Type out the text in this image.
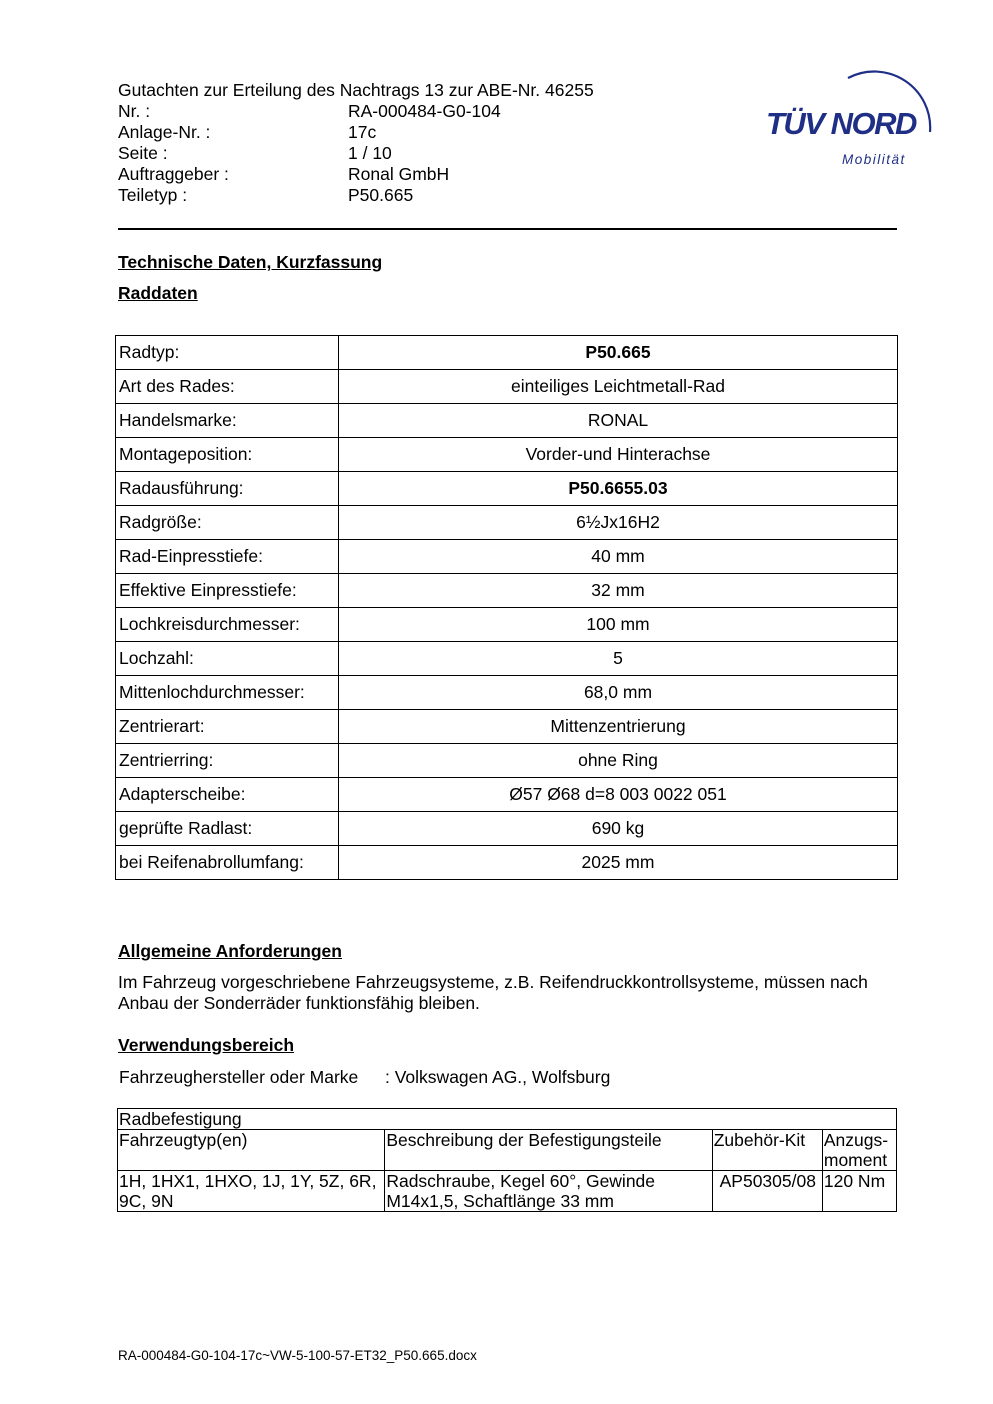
Gutachten zur Erteilung des Nachtrags 13 zur ABE-Nr. 46255
Nr. :	RA-000484-G0-104
Anlage-Nr. :	17c
Seite :	1 / 10
Auftraggeber :	Ronal GmbH
Teiletyp :	P50.665
TÜV NORD
Mobilität
Technische Daten, Kurzfassung
Raddaten
Radtyp:	P50.665
Art des Rades:	einteiliges Leichtmetall-Rad
Handelsmarke:	RONAL
Montageposition:	Vorder-und Hinterachse
Radausführung:	P50.6655.03
Radgröße:	6½Jx16H2
Rad-Einpresstiefe:	40 mm
Effektive Einpresstiefe:	32 mm
Lochkreisdurchmesser:	100 mm
Lochzahl:	5
Mittenlochdurchmesser:	68,0 mm
Zentrierart:	Mittenzentrierung
Zentrierring:	ohne Ring
Adapterscheibe:	Ø57 Ø68 d=8 003 0022 051
geprüfte Radlast:	690 kg
bei Reifenabrollumfang:	2025 mm
Allgemeine Anforderungen
Im Fahrzeug vorgeschriebene Fahrzeugsysteme, z.B. Reifendruckkontrollsysteme, müssen nach Anbau der Sonderräder funktionsfähig bleiben.
Verwendungsbereich
Fahrzeughersteller oder Marke	: Volkswagen AG., Wolfsburg
Radbefestigung			
Fahrzeugtyp(en)	Beschreibung der Befestigungsteile	Zubehör-Kit	Anzugs-moment
1H, 1HX1, 1HXO, 1J, 1Y, 5Z, 6R, 9C, 9N	Radschraube, Kegel 60°, Gewinde M14x1,5, Schaftlänge 33 mm	AP50305/08	120 Nm
RA-000484-G0-104-17c~VW-5-100-57-ET32_P50.665.docx
